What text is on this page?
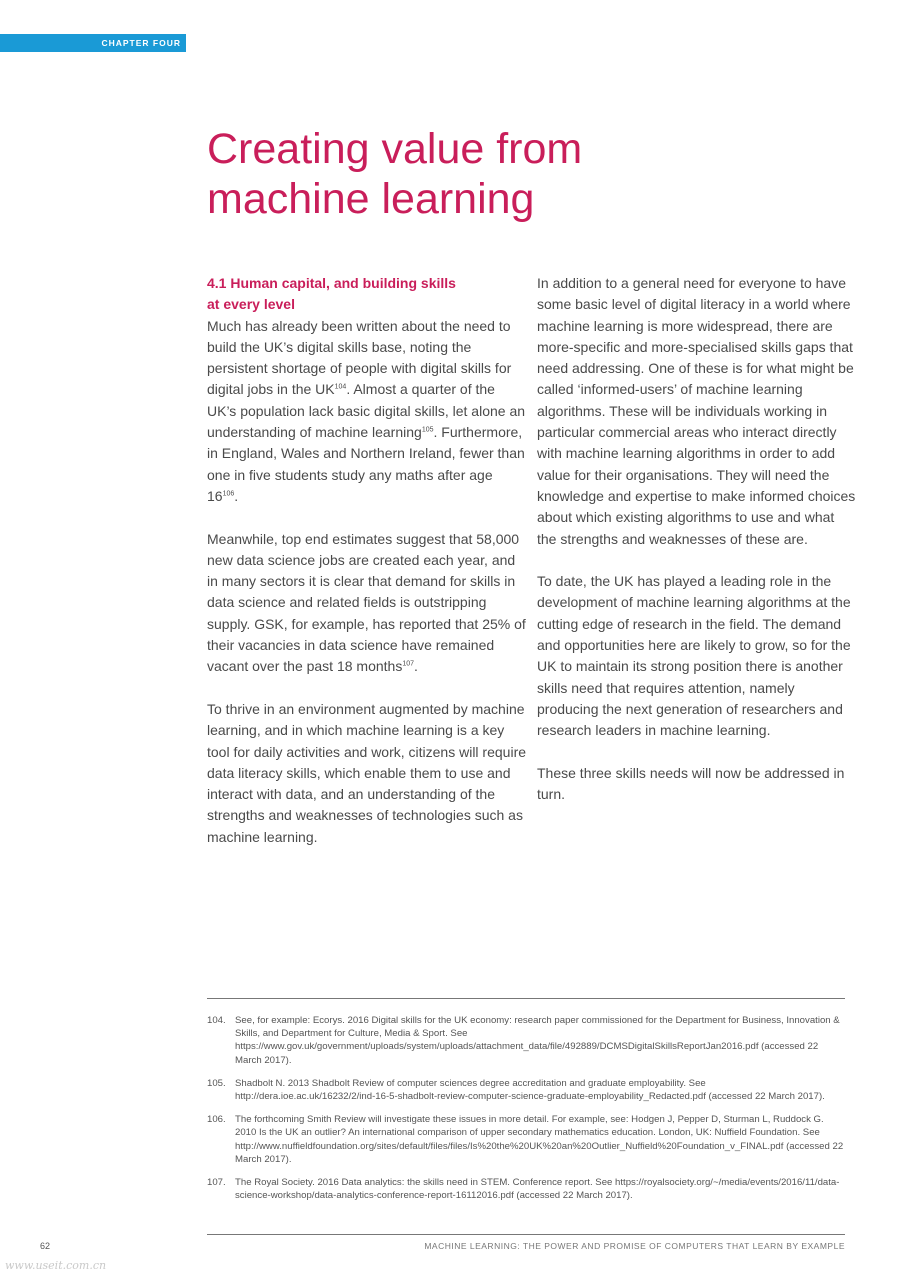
CHAPTER FOUR
Creating value from
machine learning
4.1 Human capital, and building skills
at every level

Much has already been written about the need to build the UK’s digital skills base, noting the persistent shortage of people with digital skills for digital jobs in the UK$^{104}$. Almost a quarter of the UK’s population lack basic digital skills, let alone an understanding of machine learning$^{105}$. Furthermore, in England, Wales and Northern Ireland, fewer than one in five students study any maths after age $16^{106}$.

Meanwhile, top end estimates suggest that 58,000 new data science jobs are created each year, and in many sectors it is clear that demand for skills in data science and related fields is outstripping supply. GSK, for example, has reported that 25% of their vacancies in data science have remained vacant over the past 18 months$^{107}$.

To thrive in an environment augmented by machine learning, and in which machine learning is a key tool for daily activities and work, citizens will require data literacy skills, which enable them to use and interact with data, and an understanding of the strengths and weaknesses of technologies such as machine learning.

In addition to a general need for everyone to have some basic level of digital literacy in a world where machine learning is more widespread, there are more-specific and more-specialised skills gaps that need addressing. One of these is for what might be called ‘informed-users’ of machine learning algorithms. These will be individuals working in particular commercial areas who interact directly with machine learning algorithms in order to add value for their organisations. They will need the knowledge and expertise to make informed choices about which existing algorithms to use and what the strengths and weaknesses of these are.

To date, the UK has played a leading role in the development of machine learning algorithms at the cutting edge of research in the field. The demand and opportunities here are likely to grow, so for the UK to maintain its strong position there is another skills need that requires attention, namely producing the next generation of researchers and research leaders in machine learning.

These three skills needs will now be addressed in turn.

104. See, for example: Ecorys. 2016 Digital skills for the UK economy: research paper commissioned for the Department for Business, Innovation & Skills, and Department for Culture, Media & Sport. See https://www.gov.uk/government/uploads/system/uploads/attachment_data/file/492889/DCMSDigitalSkillsReportJan2016.pdf (accessed 22 March 2017).
105. Shadbolt N. 2013 Shadbolt Review of computer sciences degree accreditation and graduate employability. See http://dera.ioe.ac.uk/16232/2/ind-16-5-shadbolt-review-computer-science-graduate-employability_Redacted.pdf (accessed 22 March 2017).
106. The forthcoming Smith Review will investigate these issues in more detail. For example, see: Hodgen J, Pepper D, Sturman L, Ruddock G. 2010 Is the UK an outlier? An international comparison of upper secondary mathematics education. London, UK: Nuffield Foundation. See http://www.nuffieldfoundation.org/sites/default/files/files/Is%20the%20UK%20an%20Outlier_Nuffield%20Foundation_v_FINAL.pdf (accessed 22 March 2017).
107. The Royal Society. 2016 Data analytics: the skills need in STEM. Conference report. See https://royalsociety.org/~/media/events/2016/11/data-science-workshop/data-analytics-conference-report-16112016.pdf (accessed 22 March 2017).
62	MACHINE LEARNING: THE POWER AND PROMISE OF COMPUTERS THAT LEARN BY EXAMPLE
www.useit.com.cn
